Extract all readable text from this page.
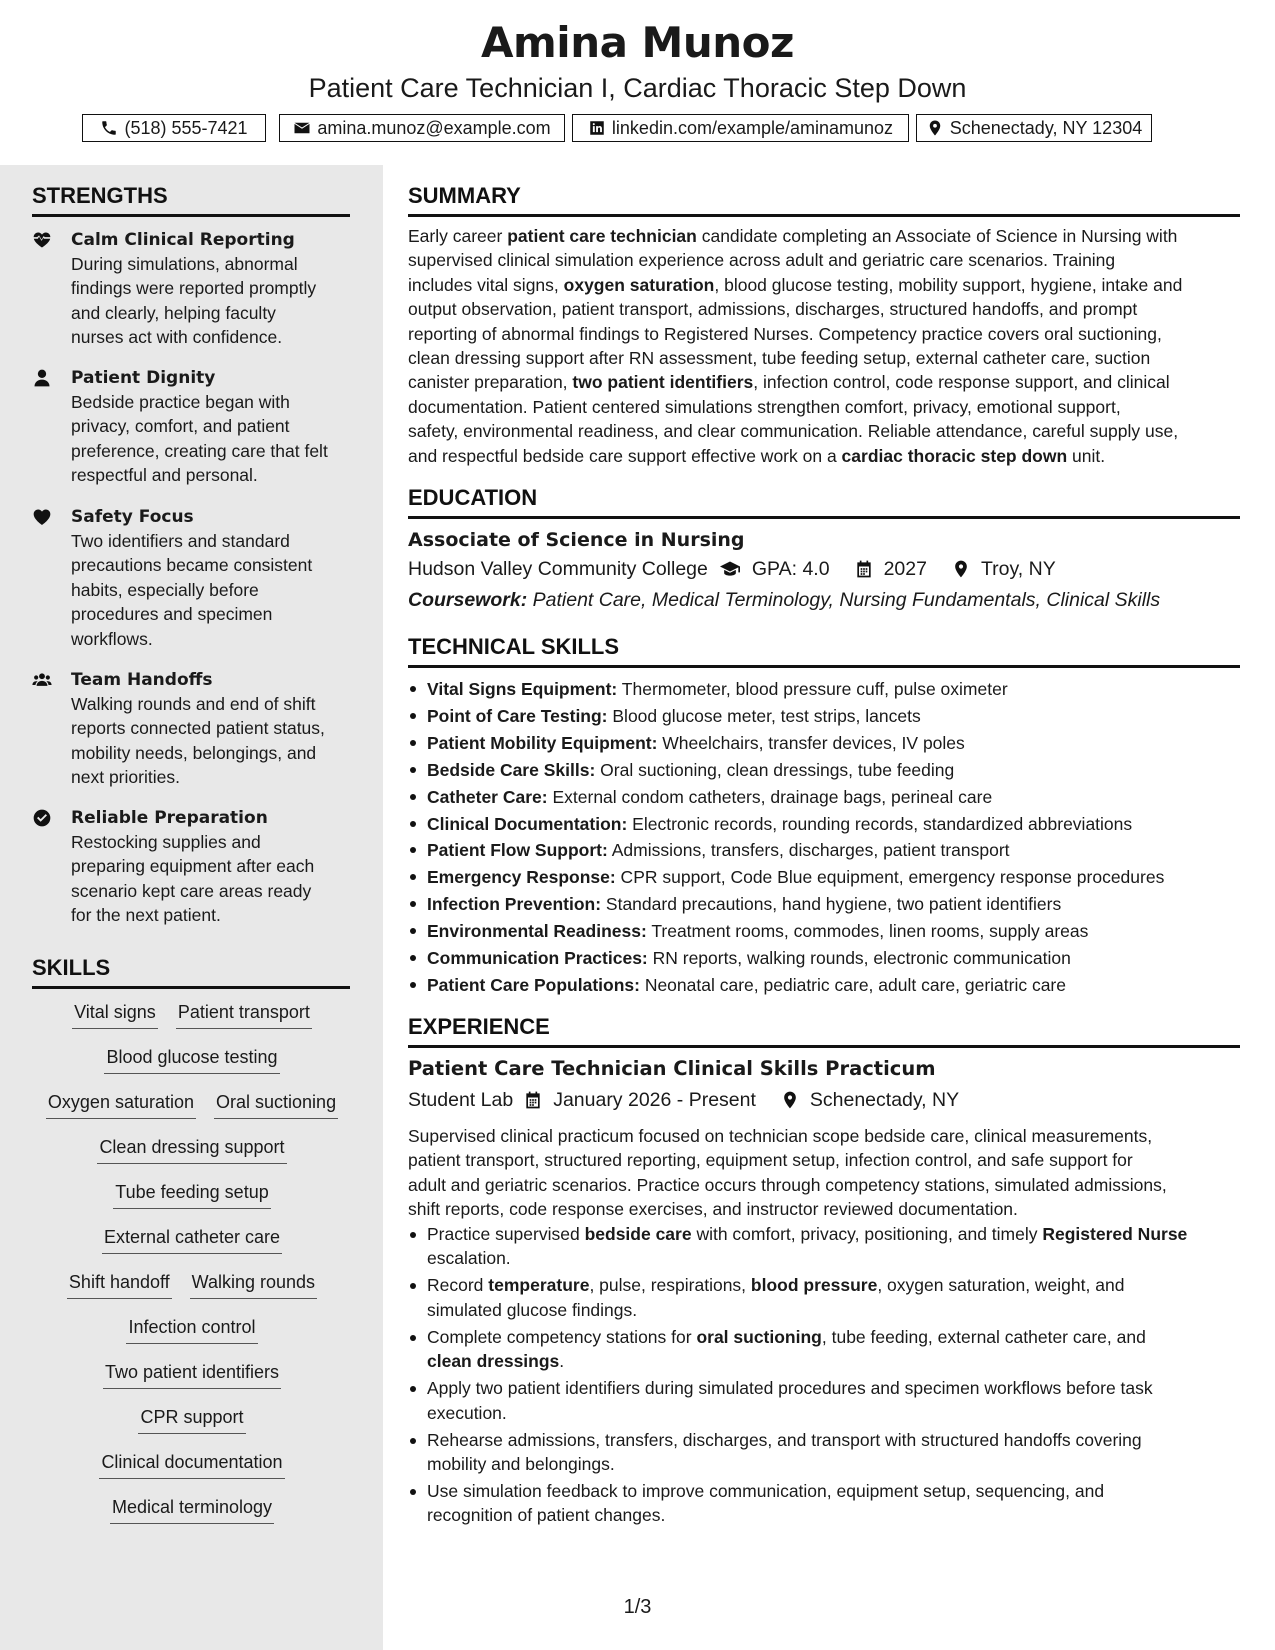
Amina Munoz
Patient Care Technician I, Cardiac Thoracic Step Down
(518) 555-7421	amina.munoz@example.com	linkedin.com/example/aminamunoz	Schenectady, NY 12304
STRENGTHS
Calm Clinical Reporting
During simulations, abnormal
findings were reported promptly
and clearly, helping faculty
nurses act with confidence.
Patient Dignity
Bedside practice began with
privacy, comfort, and patient
preference, creating care that felt
respectful and personal.
Safety Focus
Two identifiers and standard
precautions became consistent
habits, especially before
procedures and specimen
workflows.
Team Handoffs
Walking rounds and end of shift
reports connected patient status,
mobility needs, belongings, and
next priorities.
Reliable Preparation
Restocking supplies and
preparing equipment after each
scenario kept care areas ready
for the next patient.
SKILLS
Vital signs Patient transport
Blood glucose testing
Oxygen saturation Oral suctioning
Clean dressing support
Tube feeding setup
External catheter care
Shift handoff Walking rounds
Infection control
Two patient identifiers
CPR support
Clinical documentation
Medical terminology
SUMMARY
Early career patient care technician candidate completing an Associate of Science in Nursing with
supervised clinical simulation experience across adult and geriatric care scenarios. Training
includes vital signs, oxygen saturation, blood glucose testing, mobility support, hygiene, intake and
output observation, patient transport, admissions, discharges, structured handoffs, and prompt
reporting of abnormal findings to Registered Nurses. Competency practice covers oral suctioning,
clean dressing support after RN assessment, tube feeding setup, external catheter care, suction
canister preparation, two patient identifiers, infection control, code response support, and clinical
documentation. Patient centered simulations strengthen comfort, privacy, emotional support,
safety, environmental readiness, and clear communication. Reliable attendance, careful supply use,
and respectful bedside care support effective work on a cardiac thoracic step down unit.
EDUCATION
Associate of Science in Nursing
Hudson Valley Community College GPA: 4.0	2027	Troy, NY
Coursework: Patient Care, Medical Terminology, Nursing Fundamentals, Clinical Skills
TECHNICAL SKILLS
Vital Signs Equipment: Thermometer, blood pressure cuff, pulse oximeter
Point of Care Testing: Blood glucose meter, test strips, lancets
Patient Mobility Equipment: Wheelchairs, transfer devices, IV poles
Bedside Care Skills: Oral suctioning, clean dressings, tube feeding
Catheter Care: External condom catheters, drainage bags, perineal care
Clinical Documentation: Electronic records, rounding records, standardized abbreviations
Patient Flow Support: Admissions, transfers, discharges, patient transport
Emergency Response: CPR support, Code Blue equipment, emergency response procedures
Infection Prevention: Standard precautions, hand hygiene, two patient identifiers
Environmental Readiness: Treatment rooms, commodes, linen rooms, supply areas
Communication Practices: RN reports, walking rounds, electronic communication
Patient Care Populations: Neonatal care, pediatric care, adult care, geriatric care
EXPERIENCE
Patient Care Technician Clinical Skills Practicum
Student Lab January 2026 - Present	Schenectady, NY
Supervised clinical practicum focused on technician scope bedside care, clinical measurements,
patient transport, structured reporting, equipment setup, infection control, and safe support for
adult and geriatric scenarios. Practice occurs through competency stations, simulated admissions,
shift reports, code response exercises, and instructor reviewed documentation.
Practice supervised bedside care with comfort, privacy, positioning, and timely Registered Nurse
escalation.
Record temperature, pulse, respirations, blood pressure, oxygen saturation, weight, and
simulated glucose findings.
Complete competency stations for oral suctioning, tube feeding, external catheter care, and
clean dressings.
Apply two patient identifiers during simulated procedures and specimen workflows before task
execution.
Rehearse admissions, transfers, discharges, and transport with structured handoffs covering
mobility and belongings.
Use simulation feedback to improve communication, equipment setup, sequencing, and
recognition of patient changes.
1/3
